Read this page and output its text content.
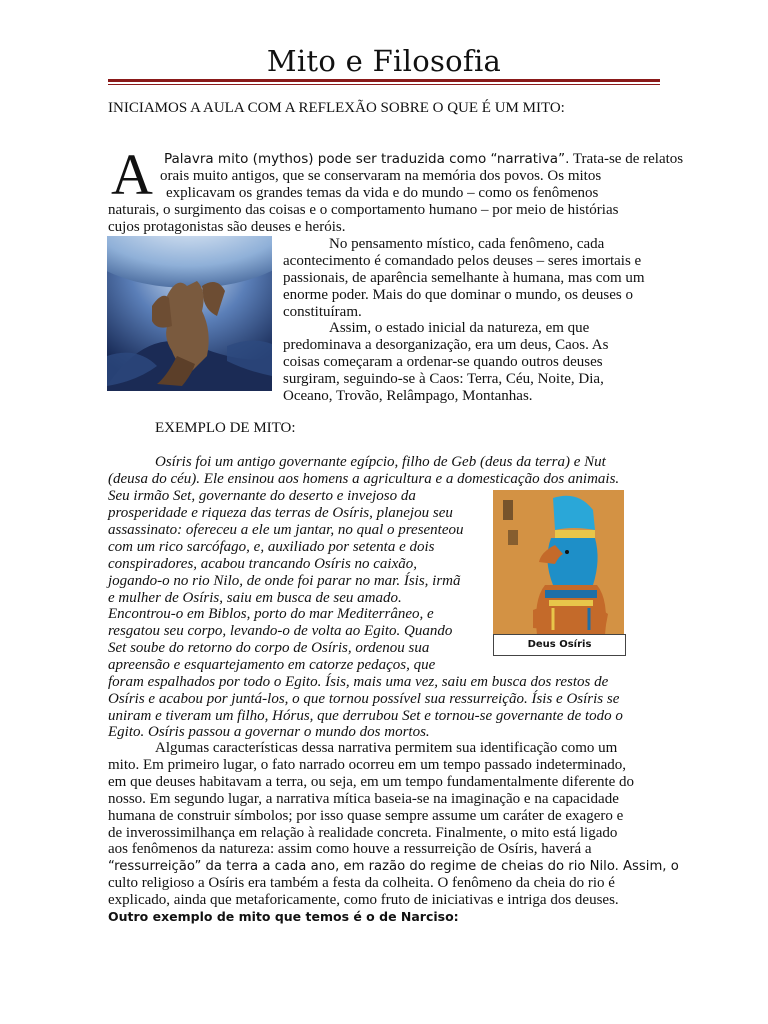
Mito e Filosofia
INICIAMOS A AULA COM A REFLEXÃO SOBRE O QUE É UM MITO:
A Palavra mito (mythos) pode ser traduzida como “narrativa”. Trata-se de relatos
orais muito antigos, que se conservaram na memória dos povos. Os mitos
explicavam os grandes temas da vida e do mundo – como os fenômenos
naturais, o surgimento das coisas e o comportamento humano – por meio de histórias
cujos protagonistas são deuses e heróis.
No pensamento místico, cada fenômeno, cada
acontecimento é comandado pelos deuses – seres imortais e
passionais, de aparência semelhante à humana, mas com um
enorme poder. Mais do que dominar o mundo, os deuses o
constituíram.
Assim, o estado inicial da natureza, em que
predominava a desorganização, era um deus, Caos. As
coisas começaram a ordenar-se quando outros deuses
surgiram, seguindo-se à Caos: Terra, Céu, Noite, Dia,
Oceano, Trovão, Relâmpago, Montanhas.
EXEMPLO DE MITO:
Osíris foi um antigo governante egípcio, filho de Geb (deus da terra) e Nut
(deusa do céu). Ele ensinou aos homens a agricultura e a domesticação dos animais.
Seu irmão Set, governante do deserto e invejoso da
prosperidade e riqueza das terras de Osíris, planejou seu
assassinato: ofereceu a ele um jantar, no qual o presenteou
com um rico sarcófago, e, auxiliado por setenta e dois
conspiradores, acabou trancando Osíris no caixão,
jogando-o no rio Nilo, de onde foi parar no mar. Ísis, irmã
e mulher de Osíris, saiu em busca de seu amado.
Encontrou-o em Biblos, porto do mar Mediterrâneo, e
resgatou seu corpo, levando-o de volta ao Egito. Quando
Set soube do retorno do corpo de Osíris, ordenou sua
apreensão e esquartejamento em catorze pedaços, que
foram espalhados por todo o Egito. Ísis, mais uma vez, saiu em busca dos restos de
Osíris e acabou por juntá-los, o que tornou possível sua ressurreição. Ísis e Osíris se
uniram e tiveram um filho, Hórus, que derrubou Set e tornou-se governante de todo o
Egito. Osíris passou a governar o mundo dos mortos.
Deus Osíris
Algumas características dessa narrativa permitem sua identificação como um
mito. Em primeiro lugar, o fato narrado ocorreu em um tempo passado indeterminado,
em que deuses habitavam a terra, ou seja, em um tempo fundamentalmente diferente do
nosso. Em segundo lugar, a narrativa mítica baseia-se na imaginação e na capacidade
humana de construir símbolos; por isso quase sempre assume um caráter de exagero e
de inverossimilhança em relação à realidade concreta. Finalmente, o mito está ligado
aos fenômenos da natureza: assim como houve a ressurreição de Osíris, haverá a
“ressurreição” da terra a cada ano, em razão do regime de cheias do rio Nilo. Assim, o
culto religioso a Osíris era também a festa da colheita. O fenômeno da cheia do rio é
explicado, ainda que metaforicamente, como fruto de iniciativas e intriga dos deuses.
Outro exemplo de mito que temos é o de Narciso:
